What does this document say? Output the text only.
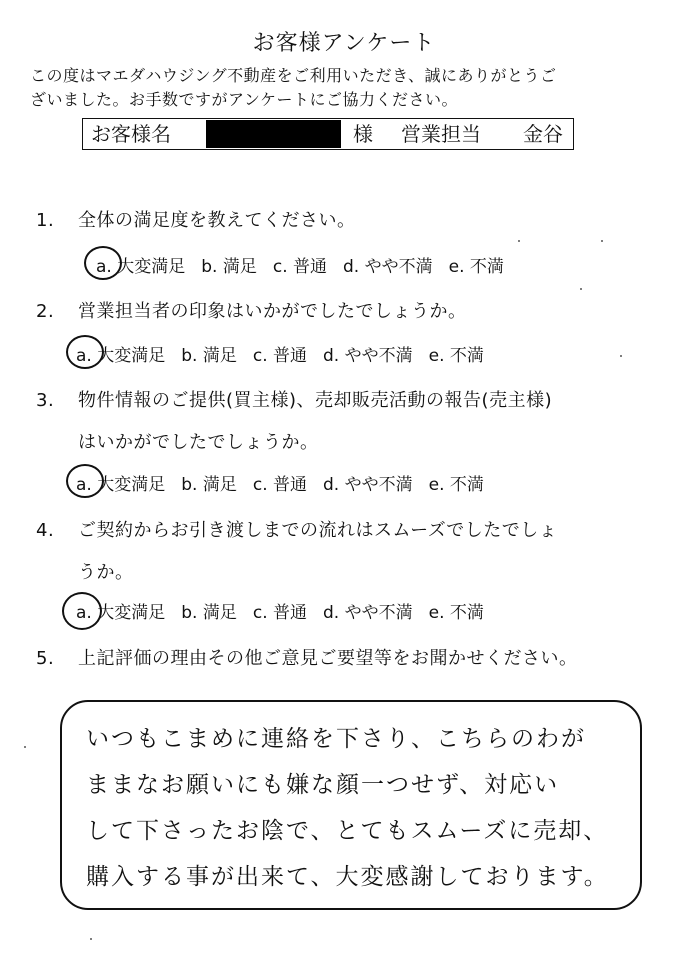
お客様アンケート
この度はマエダハウジング不動産をご利用いただき、誠にありがとうご
ざいました。お手数ですがアンケートにご協力ください。
お客様名	様 営業担当 金谷
1. 全体の満足度を教えてください。
a. 大変満足 b. 満足 c. 普通 d. やや不満 e. 不満
2. 営業担当者の印象はいかがでしたでしょうか。
a. 大変満足 b. 満足 c. 普通 d. やや不満 e. 不満
3. 物件情報のご提供(買主様)、売却販売活動の報告(売主様)
はいかがでしたでしょうか。
a. 大変満足 b. 満足 c. 普通 d. やや不満 e. 不満
4. ご契約からお引き渡しまでの流れはスムーズでしたでしょ
うか。
a. 大変満足 b. 満足 c. 普通 d. やや不満 e. 不満
5. 上記評価の理由その他ご意見ご要望等をお聞かせください。
いつもこまめに連絡を下さり、こちらのわが
ままなお願いにも嫌な顔一つせず、対応い
して下さったお陰で、とてもスムーズに売却、
購入する事が出来て、大変感謝しております。
